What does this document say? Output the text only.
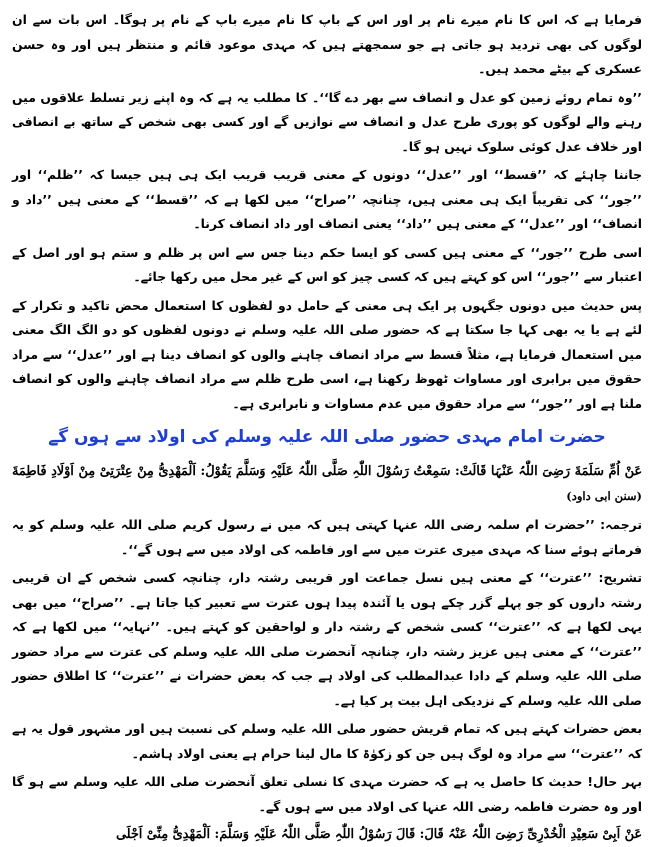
فرمایا ہے کہ اس کا نام میرے نام پر اور اس کے باپ کا نام میرے باپ کے نام پر ہوگا۔ اس بات سے ان لوگوں کی بھی تردید ہو جاتی ہے جو سمجھتے ہیں کہ مہدی موعود قائم و منتظر ہیں اور وہ حسن عسکری کے بیٹے محمد ہیں۔

’’وہ تمام روئے زمین کو عدل و انصاف سے بھر دے گا‘‘۔ کا مطلب یہ ہے کہ وہ اپنے زیر تسلط علاقوں میں رہنے والے لوگوں کو پوری طرح عدل و انصاف سے نوازیں گے اور کسی بھی شخص کے ساتھ بے انصافی اور خلاف عدل کوئی سلوک نہیں ہو گا۔

جاننا چاہئے کہ ’’قسط‘‘ اور ’’عدل‘‘ دونوں کے معنی قریب قریب ایک ہی ہیں جیسا کہ ’’ظلم‘‘ اور ’’جور‘‘ کی تقریباً ایک ہی معنی ہیں، چنانچہ ’’صراح‘‘ میں لکھا ہے کہ ’’قسط‘‘ کے معنی ہیں ’’داد و انصاف‘‘ اور ’’عدل‘‘ کے معنی ہیں ’’داد‘‘ یعنی انصاف اور داد انصاف کرنا۔

اسی طرح ’’جور‘‘ کے معنی ہیں کسی کو ایسا حکم دینا جس سے اس پر ظلم و ستم ہو اور اصل کے اعتبار سے ’’جور‘‘ اس کو کہتے ہیں کہ کسی چیز کو اس کے غیر محل میں رکھا جائے۔

پس حدیث میں دونوں جگہوں پر ایک ہی معنی کے حامل دو لفظوں کا استعمال محض تاکید و تکرار کے لئے ہے یا یہ بھی کہا جا سکتا ہے کہ حضور صلی اللہ علیہ وسلم نے دونوں لفظوں کو دو الگ الگ معنی میں استعمال فرمایا ہے، مثلاً قسط سے مراد انصاف چاہنے والوں کو انصاف دینا ہے اور ’’عدل‘‘ سے مراد حقوق میں برابری اور مساوات ٹھوظ رکھنا ہے، اسی طرح ظلم سے مراد انصاف چاہنے والوں کو انصاف ملنا ہے اور ’’جور‘‘ سے مراد حقوق میں عدم مساوات و نابرابری ہے۔

حضرت امام مہدی حضور صلی اللہ علیہ وسلم کی اولاد سے ہوں گے

عَنْ اُمِّ سَلَمَةَ رَضِیَ اللّٰہُ عَنْہَا قَالَتْ: سَمِعْتُ رَسُوْلَ اللّٰہِ صَلَّى اللّٰہُ عَلَیْہِ وَسَلَّمَ یَقُوْلُ: اَلْمَھْدِیُّ مِنْ عِتْرَتِیْ مِنْ اَوْلَادِ فَاطِمَةَ (سنن ابی داود)

ترجمہ: ’’حضرت ام سلمہ رضی اللہ عنہا کہتی ہیں کہ میں نے رسول کریم صلی اللہ علیہ وسلم کو یہ فرماتے ہوئے سنا کہ مہدی میری عترت میں سے اور فاطمہ کی اولاد میں سے ہوں گے‘‘۔

تشریح: ’’عترت‘‘ کے معنی ہیں نسل جماعت اور قریبی رشتہ دار، چنانچہ کسی شخص کے ان قریبی رشتہ داروں کو جو پہلے گزر چکے ہوں یا آئندہ پیدا ہوں عترت سے تعبیر کیا جاتا ہے۔ ’’صراح‘‘ میں بھی یہی لکھا ہے کہ ’’عترت‘‘ کسی شخص کے رشتہ دار و لواحقین کو کہتے ہیں۔ ’’نہایہ‘‘ میں لکھا ہے کہ ’’عترت‘‘ کے معنی ہیں عزیز رشتہ دار، چنانچہ آنحضرت صلی اللہ علیہ وسلم کی عترت سے مراد حضور صلی اللہ علیہ وسلم کے دادا عبدالمطلب کی اولاد ہے جب کہ بعض حضرات نے ’’عترت‘‘ کا اطلاق حضور صلی اللہ علیہ وسلم کے نزدیکی اہل بیت پر کیا ہے۔

بعض حضرات کہتے ہیں کہ تمام قریش حضور صلی اللہ علیہ وسلم کی نسبت ہیں اور مشہور قول یہ ہے کہ ’’عترت‘‘ سے مراد وہ لوگ ہیں جن کو زکوٰۃ کا مال لینا حرام ہے یعنی اولاد ہاشم۔

بہر حال! حدیث کا حاصل یہ ہے کہ حضرت مہدی کا نسلی تعلق آنحضرت صلی اللہ علیہ وسلم سے ہو گا اور وہ حضرت فاطمہ رضی اللہ عنہا کی اولاد میں سے ہوں گے۔

عَنْ اَبِیْ سَعِیْدِ الْخُدْرِیِّ رَضِیَ اللّٰہُ عَنْہُ قَالَ: قَالَ رَسُوْلُ اللّٰہِ صَلَّى اللّٰہُ عَلَیْہِ وَسَلَّمَ: اَلْمَھْدِیُّ مِنِّیْ اَجْلَی
